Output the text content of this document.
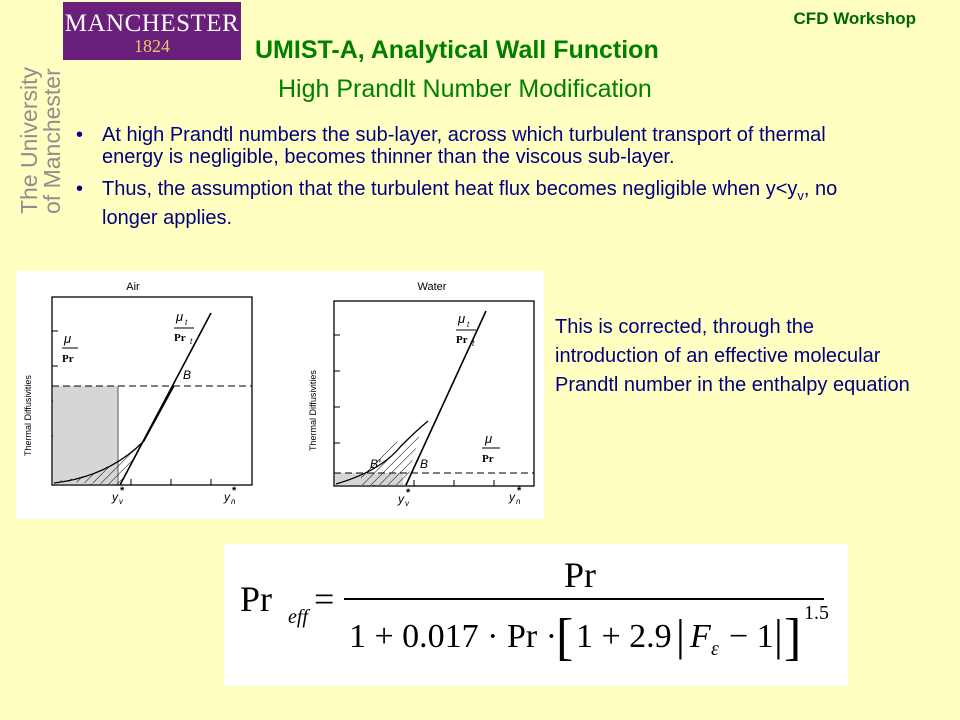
MANCHESTER
1824
The University
of Manchester
CFD Workshop
UMIST-A, Analytical Wall Function
High Prandlt Number Modification
• At high Prandtl numbers the sub-layer, across which turbulent transport of thermal energy is negligible, becomes thinner than the viscous sub-layer.
• Thus, the assumption that the turbulent heat flux becomes negligible when $y<y_v$, no longer applies.
Air
μ
Pr
μ t
Pr t
B
y v
*	y n
*
Thermal Diffusivities
Water
μ t
Pr t
μ
Pr
B'	B
y v
*	y n
*
Thermal Diffusivities
This is corrected, through the introduction of an effective molecular Prandtl number in the enthalpy equation
Pr eff =
Pr
1 + 0.017 · Pr ·
[ 1 + 2.9 | F ε − 1 | ] 1.5
